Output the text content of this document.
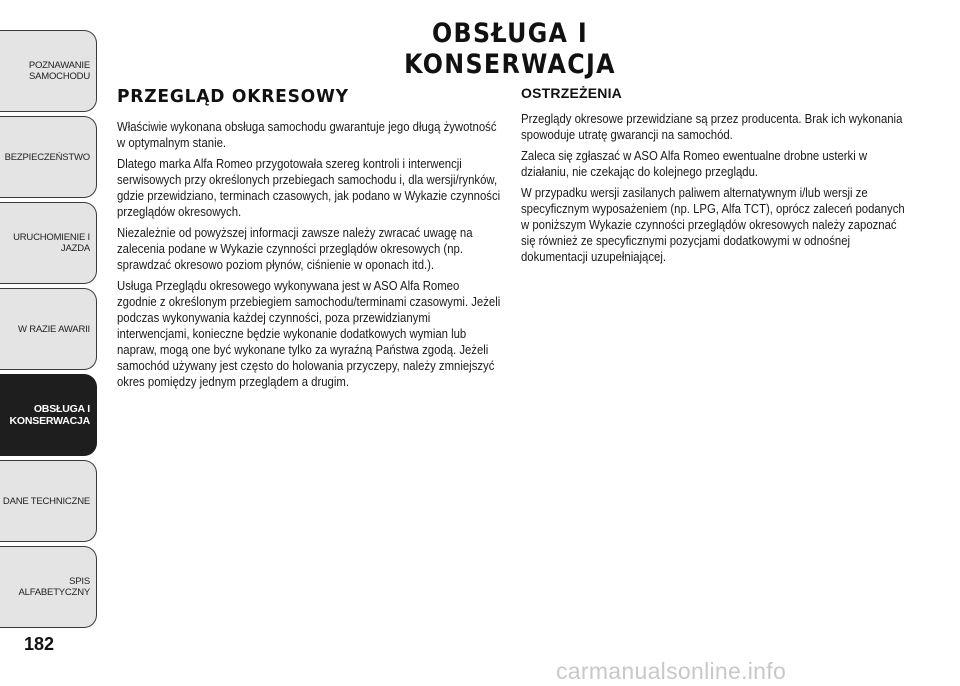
POZNAWANIE
SAMOCHODU
BEZPIECZEŃSTWO
URUCHOMIENIE I
JAZDA
W RAZIE AWARII
OBSŁUGA I
KONSERWACJA
DANE TECHNICZNE
SPIS ALFABETYCZNY
182
OBSŁUGA I KONSERWACJA
PRZEGLĄD OKRESOWY

Właściwie wykonana obsługa samochodu gwarantuje jego długą żywotność w optymalnym stanie.

Dlatego marka Alfa Romeo przygotowała szereg kontroli i interwencji serwisowych przy określonych przebiegach samochodu i, dla wersji/rynków, gdzie przewidziano, terminach czasowych, jak podano w Wykazie czynności przeglądów okresowych.

Niezależnie od powyższej informacji zawsze należy zwracać uwagę na zalecenia podane w Wykazie czynności przeglądów okresowych (np. sprawdzać okresowo poziom płynów, ciśnienie w oponach itd.).

Usługa Przeglądu okresowego wykonywana jest w ASO Alfa Romeo zgodnie z określonym przebiegiem samochodu/terminami czasowymi. Jeżeli podczas wykonywania każdej czynności, poza przewidzianymi interwencjami, konieczne będzie wykonanie dodatkowych wymian lub napraw, mogą one być wykonane tylko za wyraźną Państwa zgodą. Jeżeli samochód używany jest często do holowania przyczepy, należy zmniejszyć okres pomiędzy jednym przeglądem a drugim.

OSTRZEŻENIA

Przeglądy okresowe przewidziane są przez producenta. Brak ich wykonania spowoduje utratę gwarancji na samochód.

Zaleca się zgłaszać w ASO Alfa Romeo ewentualne drobne usterki w działaniu, nie czekając do kolejnego przeglądu.

W przypadku wersji zasilanych paliwem alternatywnym i/lub wersji ze specyficznym wyposażeniem (np. LPG, Alfa TCT), oprócz zaleceń podanych w poniższym Wykazie czynności przeglądów okresowych należy zapoznać się również ze specyficznymi pozycjami dodatkowymi w odnośnej dokumentacji uzupełniającej.

carmanualsonline.info
